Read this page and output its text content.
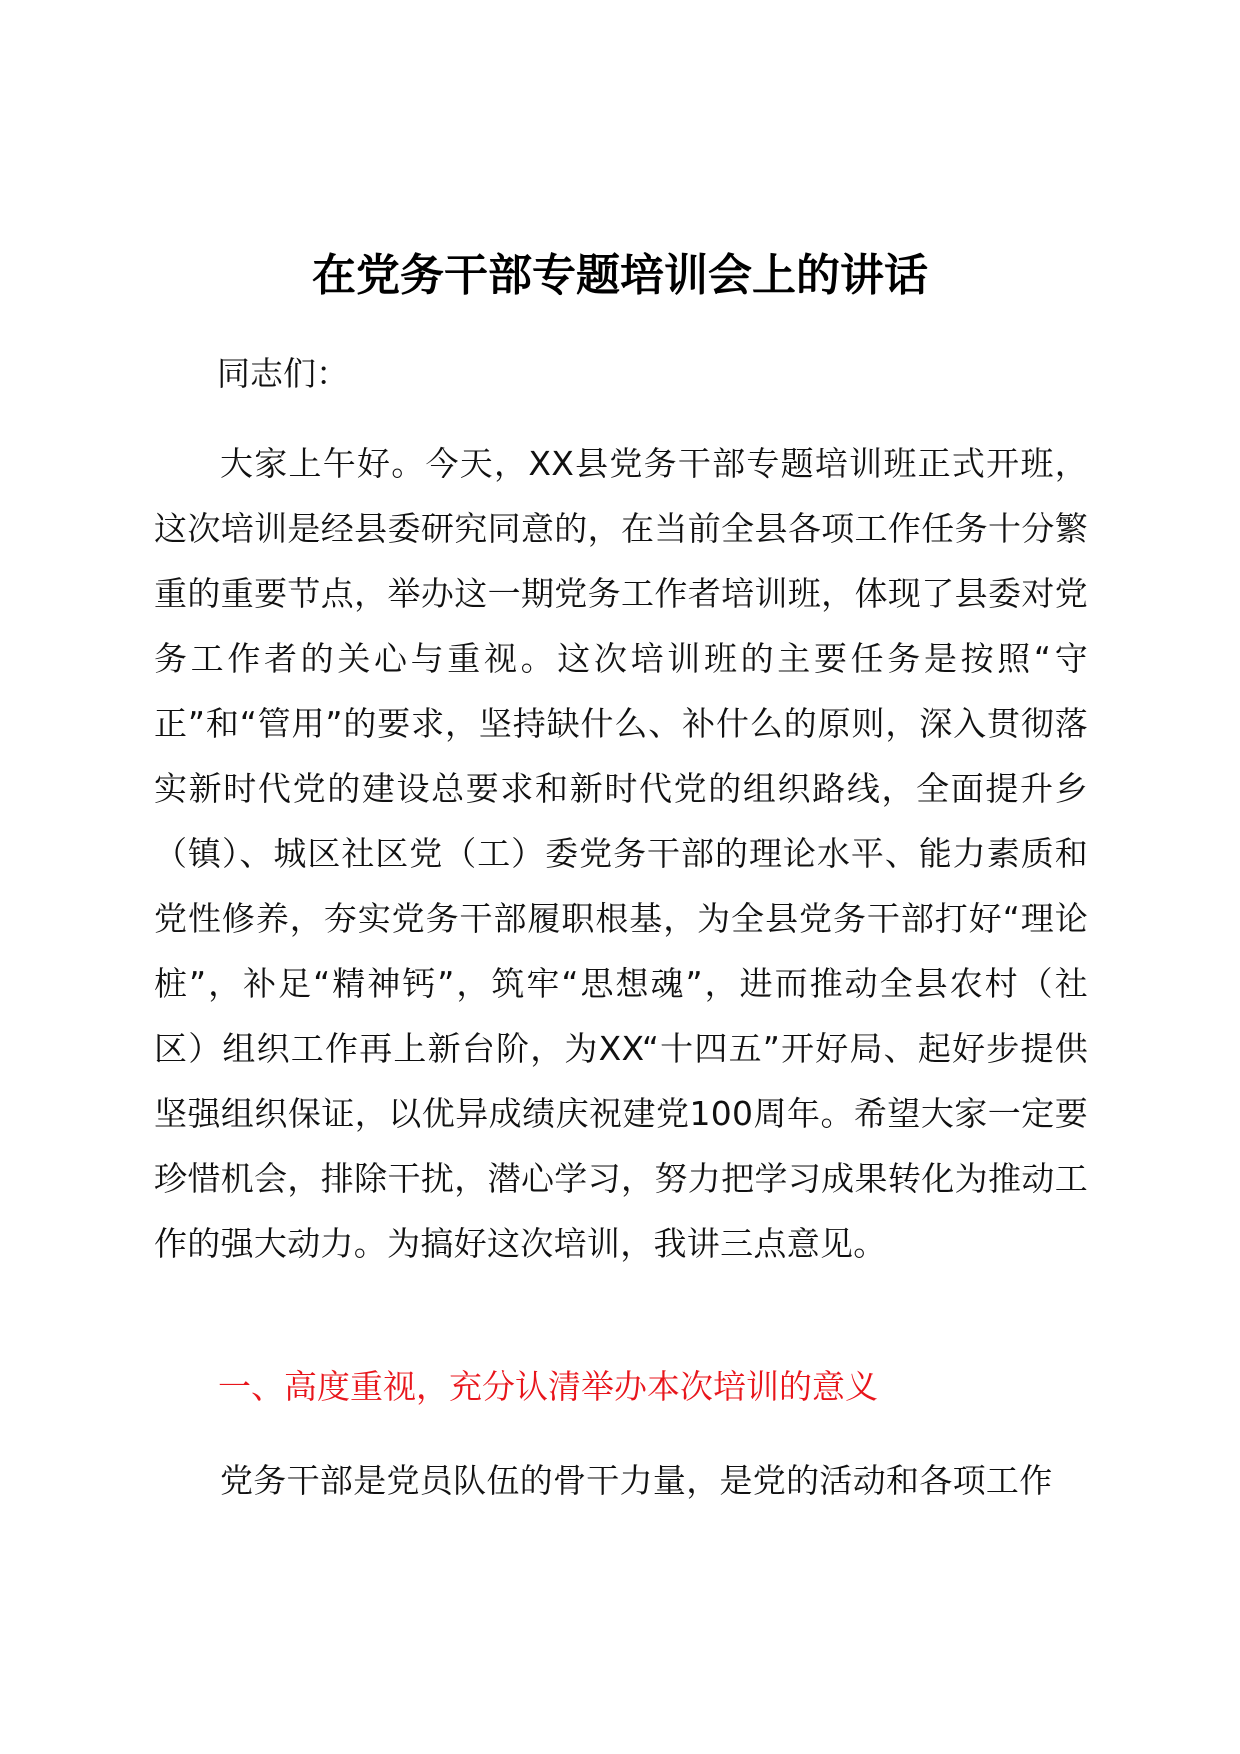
在党务干部专题培训会上的讲话

同志们：

大家上午好。今天，XX县党务干部专题培训班正式开班，这次培训是经县委研究同意的，在当前全县各项工作任务十分繁重的重要节点，举办这一期党务工作者培训班，体现了县委对党务工作者的关心与重视。这次培训班的主要任务是按照“守正”和“管用”的要求，坚持缺什么、补什么的原则，深入贯彻落实新时代党的建设总要求和新时代党的组织路线，全面提升乡（镇）、城区社区党（工）委党务干部的理论水平、能力素质和党性修养，夯实党务干部履职根基，为全县党务干部打好“理论桩”，补足“精神钙”，筑牢“思想魂”，进而推动全县农村（社区）组织工作再上新台阶，为XX“十四五”开好局、起好步提供坚强组织保证，以优异成绩庆祝建党100周年。希望大家一定要珍惜机会，排除干扰，潜心学习，努力把学习成果转化为推动工作的强大动力。为搞好这次培训，我讲三点意见。

一、高度重视，充分认清举办本次培训的意义

党务干部是党员队伍的骨干力量，是党的活动和各项工作
